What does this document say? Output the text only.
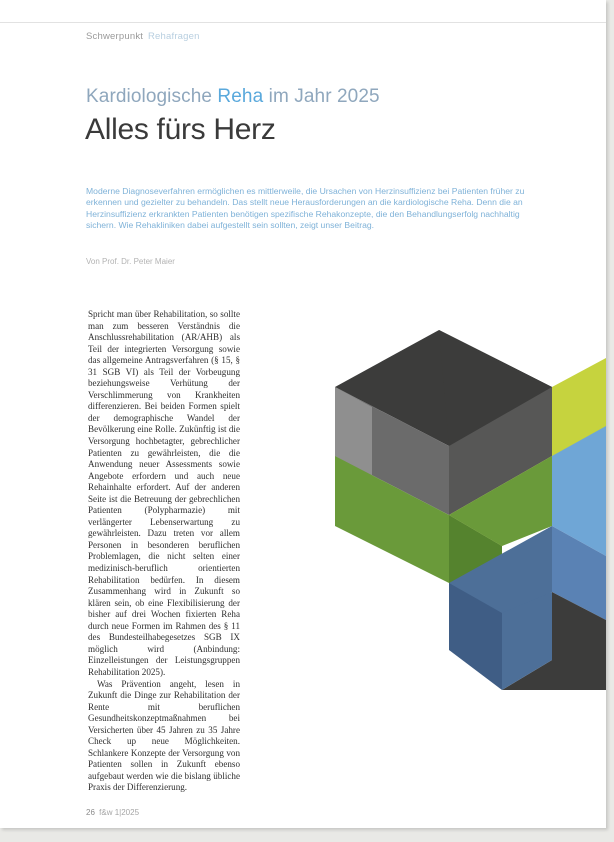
Schwerpunkt Rehafragen
Kardiologische Reha im Jahr 2025
Alles fürs Herz
Moderne Diagnoseverfahren ermöglichen es mittlerweile, die Ursachen von Herzinsuffizienz bei Patienten früher zu erkennen und gezielter zu behandeln. Das stellt neue Herausforderungen an die kardiologische Reha. Denn die an Herzinsuffizienz erkrankten Patienten benötigen spezifische Rehakonzepte, die den Behandlungserfolg nachhaltig sichern. Wie Rehakliniken dabei aufgestellt sein sollten, zeigt unser Beitrag.
Von Prof. Dr. Peter Maier

Spricht man über Rehabilitation, so sollte man zum besseren Verständnis die Anschlussrehabilitation (AR/AHB) als Teil der integrierten Versorgung sowie das allgemeine Antragsverfahren (§ 15, § 31 SGB VI) als Teil der Vorbeugung beziehungsweise Verhütung der Verschlimmerung von Krankheiten differenzieren. Bei beiden Formen spielt der demographische Wandel der Bevölkerung eine Rolle. Zukünftig ist die Versorgung hochbetagter, gebrechlicher Patienten zu gewährleisten, die die Anwendung neuer Assessments sowie Angebote erfordern und auch neue Rehainhalte erfordert. Auf der anderen Seite ist die Betreuung der gebrechlichen Patienten (Polypharmazie) mit verlängerter Lebenserwartung zu gewährleisten. Dazu treten vor allem Personen in besonderen beruflichen Problemlagen, die nicht selten einer medizinisch-beruflich orientierten Rehabilitation bedürfen. In diesem Zusammenhang wird in Zukunft so klären sein, ob eine Flexibilisierung der bisher auf drei Wochen fixierten Reha durch neue Formen im Rahmen des § 11 des Bundesteilhabegesetzes SGB IX möglich wird (Anbindung: Einzelleistungen der Leistungsgruppen Rehabilitation 2025).

Was Prävention angeht, lesen in Zukunft die Dinge zur Rehabilitation der Rente mit beruflichen Gesundheitskonzeptmaßnahmen bei Versicherten über 45 Jahren zu 35 Jahre Check up neue Möglichkeiten. Schlankere Konzepte der Versorgung von Patienten sollen in Zukunft ebenso aufgebaut werden wie die bislang übliche Praxis der Differenzierung.

26 f&w 1|2025
